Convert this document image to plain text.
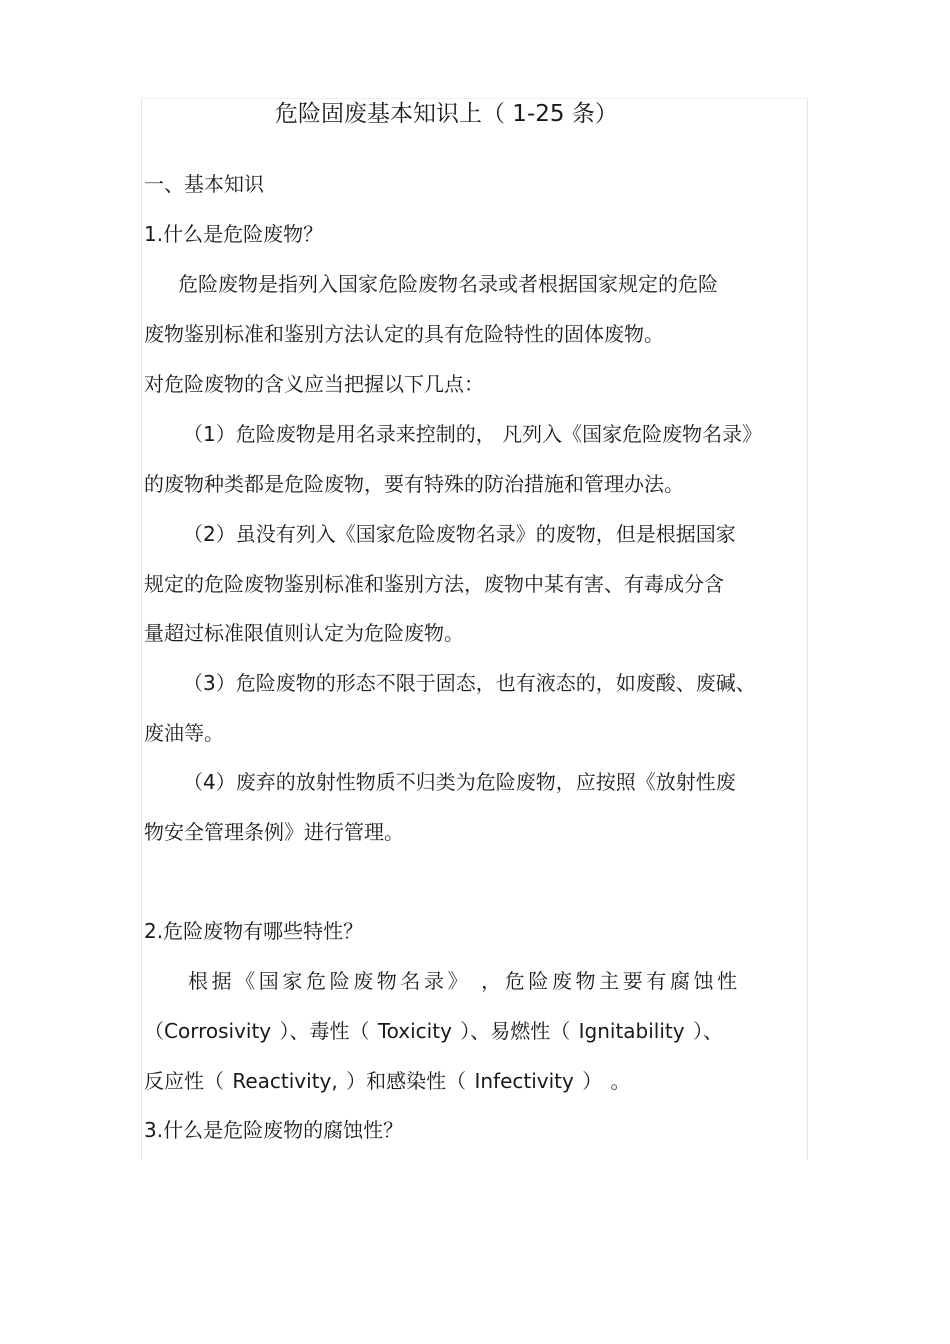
危险固废基本知识上（ 1-25 条）
一、基本知识
1.什么是危险废物？
危险废物是指列入国家危险废物名录或者根据国家规定的危险
废物鉴别标准和鉴别方法认定的具有危险特性的固体废物。
对危险废物的含义应当把握以下几点：
（1）危险废物是用名录来控制的， 凡列入《国家危险废物名录》
的废物种类都是危险废物，要有特殊的防治措施和管理办法。
（2）虽没有列入《国家危险废物名录》的废物，但是根据国家
规定的危险废物鉴别标准和鉴别方法，废物中某有害、有毒成分含
量超过标准限值则认定为危险废物。
（3）危险废物的形态不限于固态，也有液态的，如废酸、废碱、
废油等。
（4）废弃的放射性物质不归类为危险废物，应按照《放射性废
物安全管理条例》进行管理。
2.危险废物有哪些特性？
根据《国家危险废物名录》 ，危险废物主要有腐蚀性
（Corrosivity ）、毒性（ Toxicity ）、易燃性（ Ignitability ）、
反应性（ Reactivity, ）和感染性（ Infectivity ） 。
3.什么是危险废物的腐蚀性？
